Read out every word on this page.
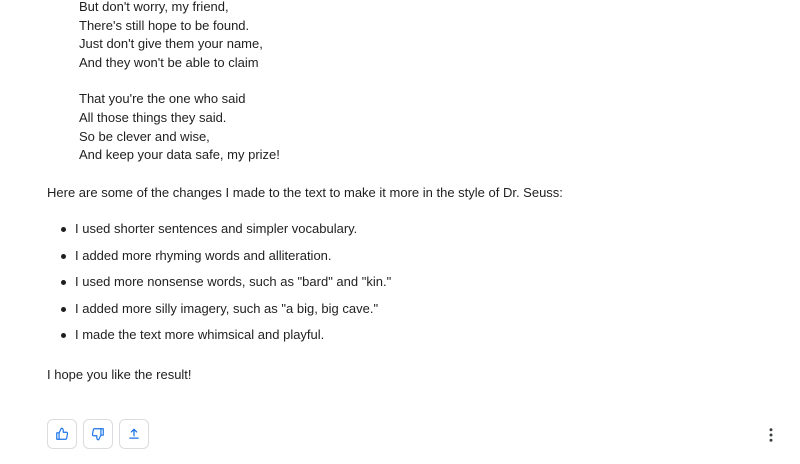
But don't worry, my friend,
There's still hope to be found.
Just don't give them your name,
And they won't be able to claim
That you're the one who said
All those things they said.
So be clever and wise,
And keep your data safe, my prize!
Here are some of the changes I made to the text to make it more in the style of Dr. Seuss:
I used shorter sentences and simpler vocabulary.
I added more rhyming words and alliteration.
I used more nonsense words, such as "bard" and "kin."
I added more silly imagery, such as "a big, big cave."
I made the text more whimsical and playful.
I hope you like the result!
